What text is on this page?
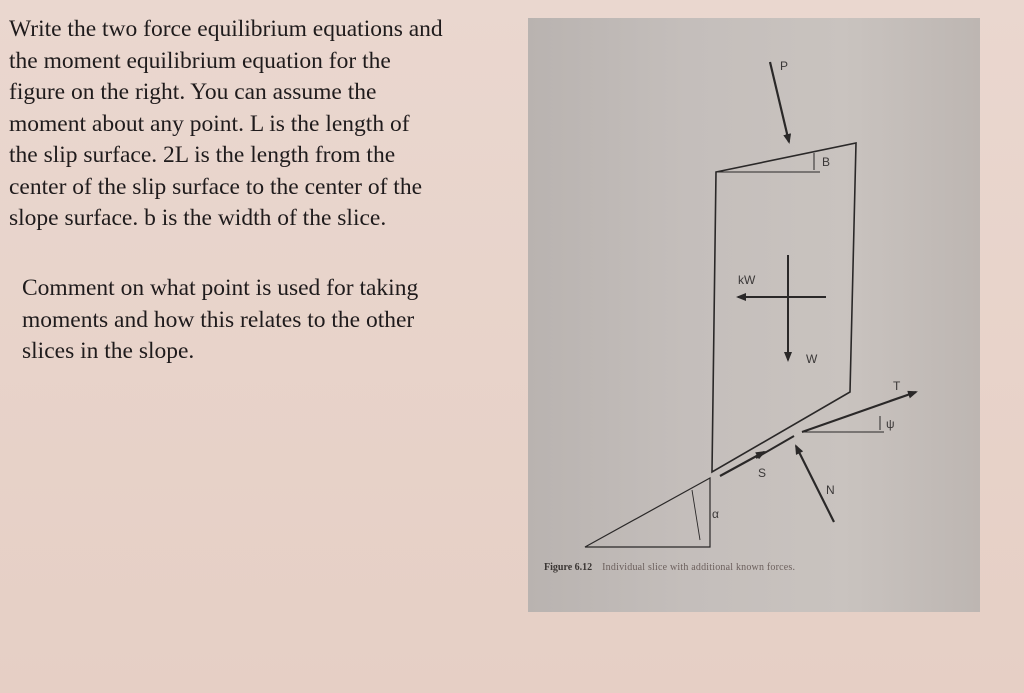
Write the two force equilibrium equations and
the moment equilibrium equation for the
figure on the right. You can assume the
moment about any point. L is the length of
the slip surface. 2L is the length from the
center of the slip surface to the center of the
slope surface. b is the width of the slice.
Comment on what point is used for taking
moments and how this relates to the other
slices in the slope.
P
B
kW
W
T
ψ
S
N
α
Figure 6.12 Individual slice with additional known forces.
